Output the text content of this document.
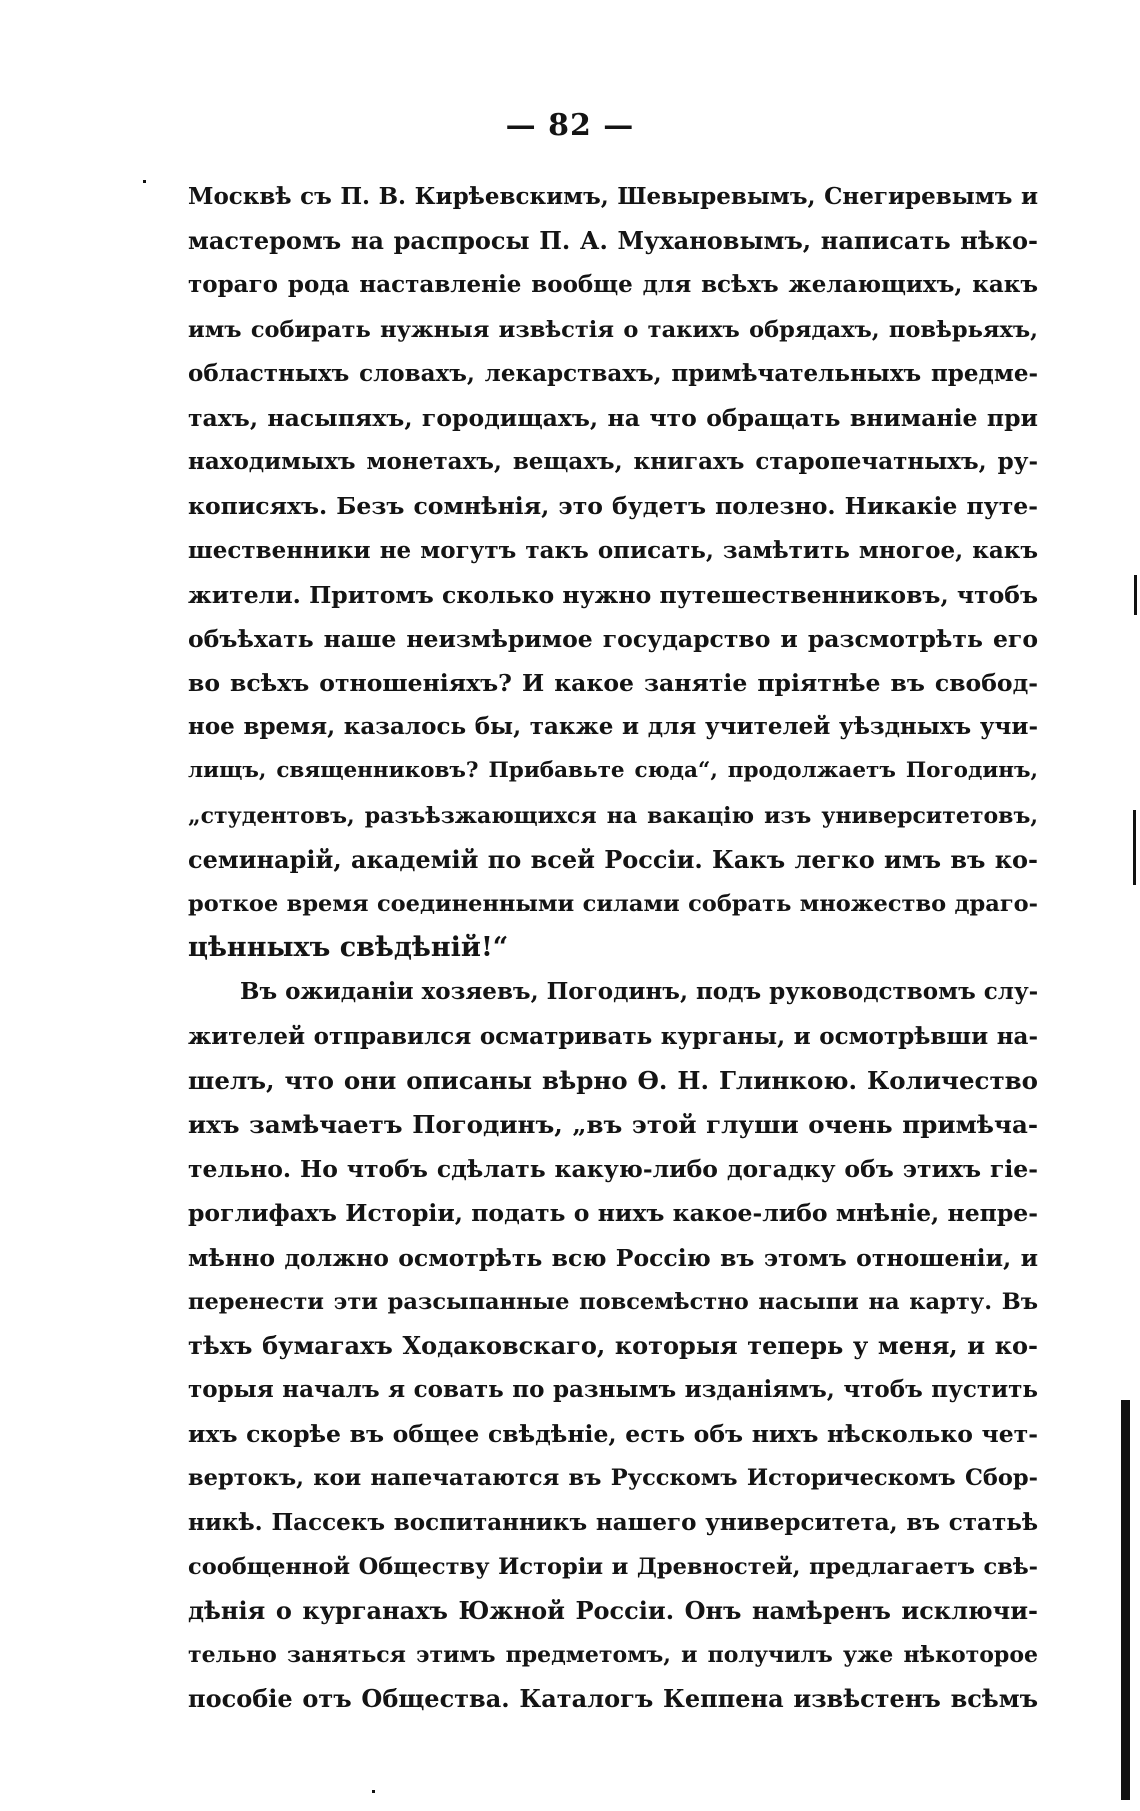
— 82 —
Москвѣ съ П. В. Кирѣевскимъ, Шевыревымъ, Снегиревымъ и
мастеромъ на распросы П. А. Мухановымъ, написать нѣко-
тораго рода наставленіе вообще для всѣхъ желающихъ, какъ
имъ собирать нужныя извѣстія о такихъ обрядахъ, повѣрьяхъ,
областныхъ словахъ, лекарствахъ, примѣчательныхъ предме-
тахъ, насыпяхъ, городищахъ, на что обращать вниманіе при
находимыхъ монетахъ, вещахъ, книгахъ старопечатныхъ, ру-
кописяхъ. Безъ сомнѣнія, это будетъ полезно. Никакіе путе-
шественники не могутъ такъ описать, замѣтить многое, какъ
жители. Притомъ сколько нужно путешественниковъ, чтобъ
объѣхать наше неизмѣримое государство и разсмотрѣть его
во всѣхъ отношеніяхъ? И какое занятіе пріятнѣе въ свобод-
ное время, казалось бы, также и для учителей уѣздныхъ учи-
лищъ, священниковъ? Прибавьте сюда“, продолжаетъ Погодинъ,
„студентовъ, разъѣзжающихся на вакацію изъ университетовъ,
семинарій, академій по всей Россіи. Какъ легко имъ въ ко-
роткое время соединенными силами собрать множество драго-
цѣнныхъ свѣдѣній!“
Въ ожиданіи хозяевъ, Погодинъ, подъ руководствомъ слу-
жителей отправился осматривать курганы, и осмотрѣвши на-
шелъ, что они описаны вѣрно Ѳ. Н. Глинкою. Количество
ихъ замѣчаетъ Погодинъ, „въ этой глуши очень примѣча-
тельно. Но чтобъ сдѣлать какую-либо догадку объ этихъ гіе-
роглифахъ Исторіи, подать о нихъ какое-либо мнѣніе, непре-
мѣнно должно осмотрѣть всю Россію въ этомъ отношеніи, и
перенести эти разсыпанные повсемѣстно насыпи на карту. Въ
тѣхъ бумагахъ Ходаковскаго, которыя теперь у меня, и ко-
торыя началъ я совать по разнымъ изданіямъ, чтобъ пустить
ихъ скорѣе въ общее свѣдѣніе, есть объ нихъ нѣсколько чет-
вертокъ, кои напечатаются въ Русскомъ Историческомъ Сбор-
никѣ. Пассекъ воспитанникъ нашего университета, въ статьѣ
сообщенной Обществу Исторіи и Древностей, предлагаетъ свѣ-
дѣнія о курганахъ Южной Россіи. Онъ намѣренъ исключи-
тельно заняться этимъ предметомъ, и получилъ уже нѣкоторое
пособіе отъ Общества. Каталогъ Кеппена извѣстенъ всѣмъ
